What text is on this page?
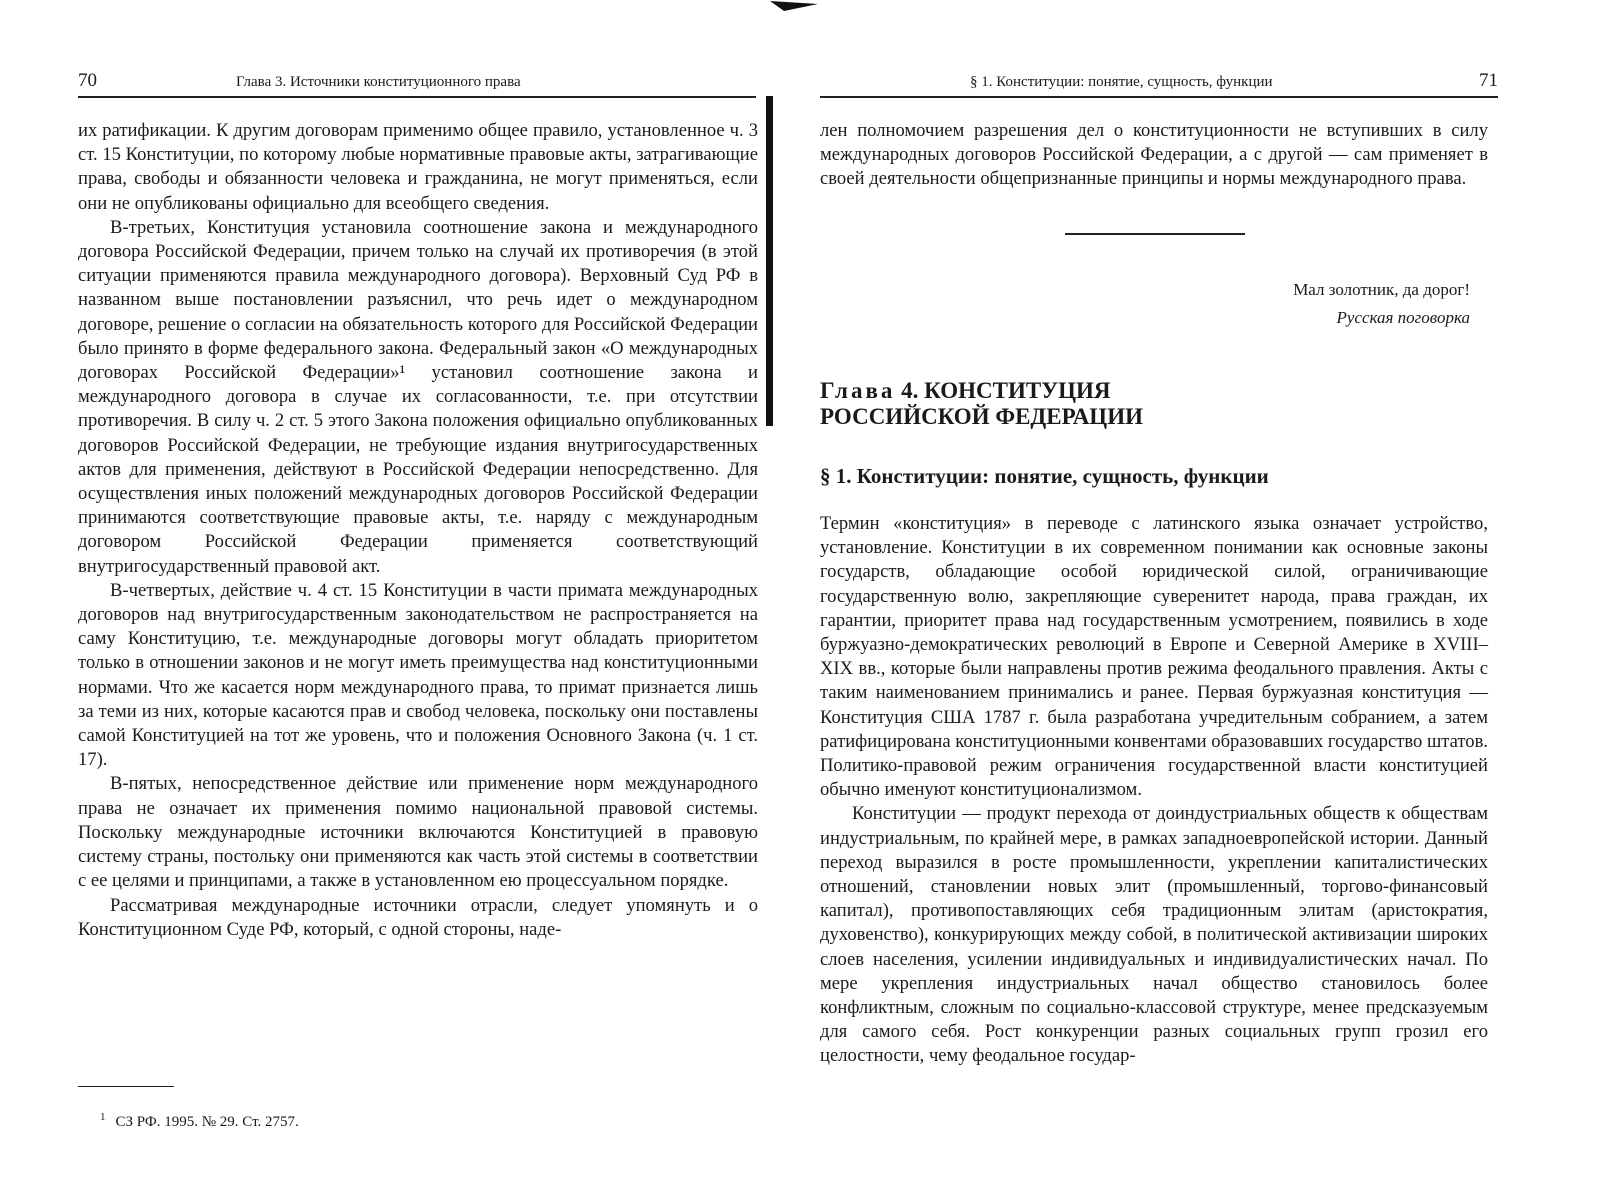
70	Глава 3. Источники конституционного права

их ратификации. К другим договорам применимо общее правило, установленное ч. 3 ст. 15 Конституции, по которому любые нормативные правовые акты, затрагивающие права, свободы и обязанности человека и гражданина, не могут применяться, если они не опубликованы официально для всеобщего сведения.

В-третьих, Конституция установила соотношение закона и международного договора Российской Федерации, причем только на случай их противоречия (в этой ситуации применяются правила международного договора). Верховный Суд РФ в названном выше постановлении разъяснил, что речь идет о международном договоре, решение о согласии на обязательность которого для Российской Федерации было принято в форме федерального закона. Федеральный закон «О международных договорах Российской Федерации»¹ установил соотношение закона и международного договора в случае их согласованности, т.е. при отсутствии противоречия. В силу ч. 2 ст. 5 этого Закона положения официально опубликованных договоров Российской Федерации, не требующие издания внутригосударственных актов для применения, действуют в Российской Федерации непосредственно. Для осуществления иных положений международных договоров Российской Федерации принимаются соответствующие правовые акты, т.е. наряду с международным договором Российской Федерации применяется соответствующий внутригосударственный правовой акт.

В-четвертых, действие ч. 4 ст. 15 Конституции в части примата международных договоров над внутригосударственным законодательством не распространяется на саму Конституцию, т.е. международные договоры могут обладать приоритетом только в отношении законов и не могут иметь преимущества над конституционными нормами. Что же касается норм международного права, то примат признается лишь за теми из них, которые касаются прав и свобод человека, поскольку они поставлены самой Конституцией на тот же уровень, что и положения Основного Закона (ч. 1 ст. 17).

В-пятых, непосредственное действие или применение норм международного права не означает их применения помимо национальной правовой системы. Поскольку международные источники включаются Конституцией в правовую систему страны, постольку они применяются как часть этой системы в соответствии с ее целями и принципами, а также в установленном ею процессуальном порядке.

Рассматривая международные источники отрасли, следует упомянуть и о Конституционном Суде РФ, который, с одной стороны, наде-

$^1$ СЗ РФ. 1995. № 29. Ст. 2757.
§ 1. Конституции: понятие, сущность, функции	71

лен полномочием разрешения дел о конституционности не вступивших в силу международных договоров Российской Федерации, а с другой — сам применяет в своей деятельности общепризнанные принципы и нормы международного права.

Мал золотник, да дорог!
Русская поговорка
Глава 4. КОНСТИТУЦИЯ
РОССИЙСКОЙ ФЕДЕРАЦИИ
§ 1. Конституции: понятие, сущность, функции

Термин «конституция» в переводе с латинского языка означает устройство, установление. Конституции в их современном понимании как основные законы государств, обладающие особой юридической силой, ограничивающие государственную волю, закрепляющие суверенитет народа, права граждан, их гарантии, приоритет права над государственным усмотрением, появились в ходе буржуазно-демократических революций в Европе и Северной Америке в XVIII–XIX вв., которые были направлены против режима феодального правления. Акты с таким наименованием принимались и ранее. Первая буржуазная конституция — Конституция США 1787 г. была разработана учредительным собранием, а затем ратифицирована конституционными конвентами образовавших государство штатов. Политико-правовой режим ограничения государственной власти конституцией обычно именуют конституционализмом.

Конституции — продукт перехода от доиндустриальных обществ к обществам индустриальным, по крайней мере, в рамках западноевропейской истории. Данный переход выразился в росте промышленности, укреплении капиталистических отношений, становлении новых элит (промышленный, торгово-финансовый капитал), противопоставляющих себя традиционным элитам (аристократия, духовенство), конкурирующих между собой, в политической активизации широких слоев населения, усилении индивидуальных и индивидуалистических начал. По мере укрепления индустриальных начал общество становилось более конфликтным, сложным по социально-классовой структуре, менее предсказуемым для самого себя. Рост конкуренции разных социальных групп грозил его целостности, чему феодальное государ-
